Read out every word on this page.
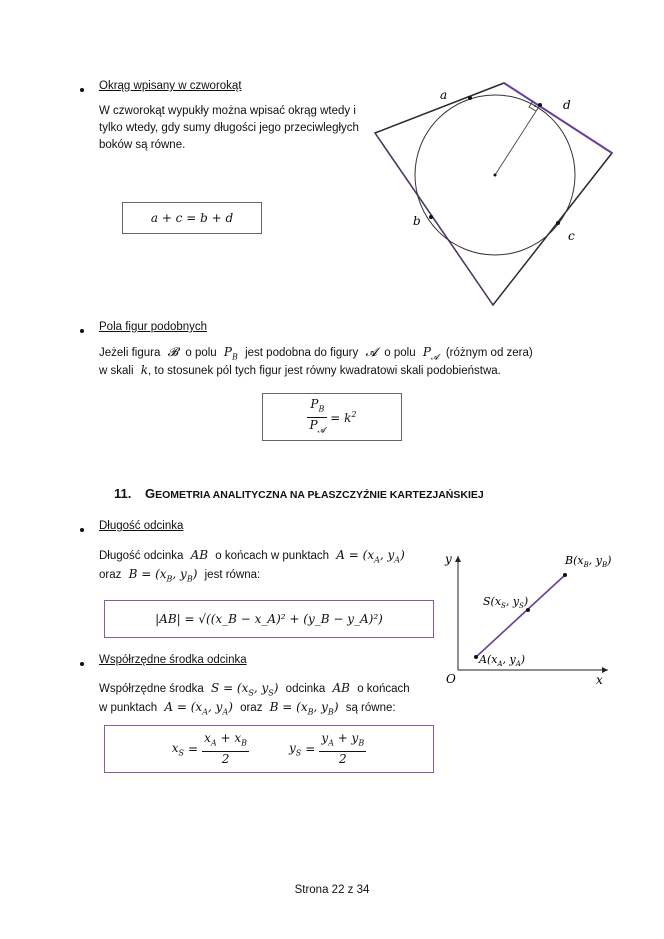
Okrąg wpisany w czworokąt
W czworokąt wypukły można wpisać okrąg wtedy i tylko wtedy, gdy sumy długości jego przeciwległych boków są równe.
a + c = b + d
a
d
b
c
Pola figur podobnych
Jeżeli figura 𝓑 o polu $P_B$ jest podobna do figury 𝓐 o polu $P_𝓐$ (różnym od zera)
w skali k, to stosunek pól tych figur jest równy kwadratowi skali podobieństwa.
$\frac{P_B}{P_𝓐} = k^2$
11. GEOMETRIA ANALITYCZNA NA PŁASZCZYŹNIE KARTEZJAŃSKIEJ
Długość odcinka
Długość odcinka AB o końcach w punktach $A = (x_A$, $y_A$)
oraz $B = (x_B$, $y_B$) jest równa:
|AB| = √((x_B − x_A)² + (y_B − y_A)²)
Współrzędne środka odcinka
Współrzędne środka $S = (x_S$, $y_S$) odcinka AB o końcach
w punktach $A = (x_A$, $y_A$) oraz $B = (x_B$, $y_B$) są równe:
$x_S = \frac{x_A + x_B}{2}$	$y_S = \frac{y_A + y_B}{2}$
y
x
O
$B(x_B$, $y_B$)
$S(x_S$, $y_S$)
$A(x_A$, $y_A$)
Strona 22 z 34
